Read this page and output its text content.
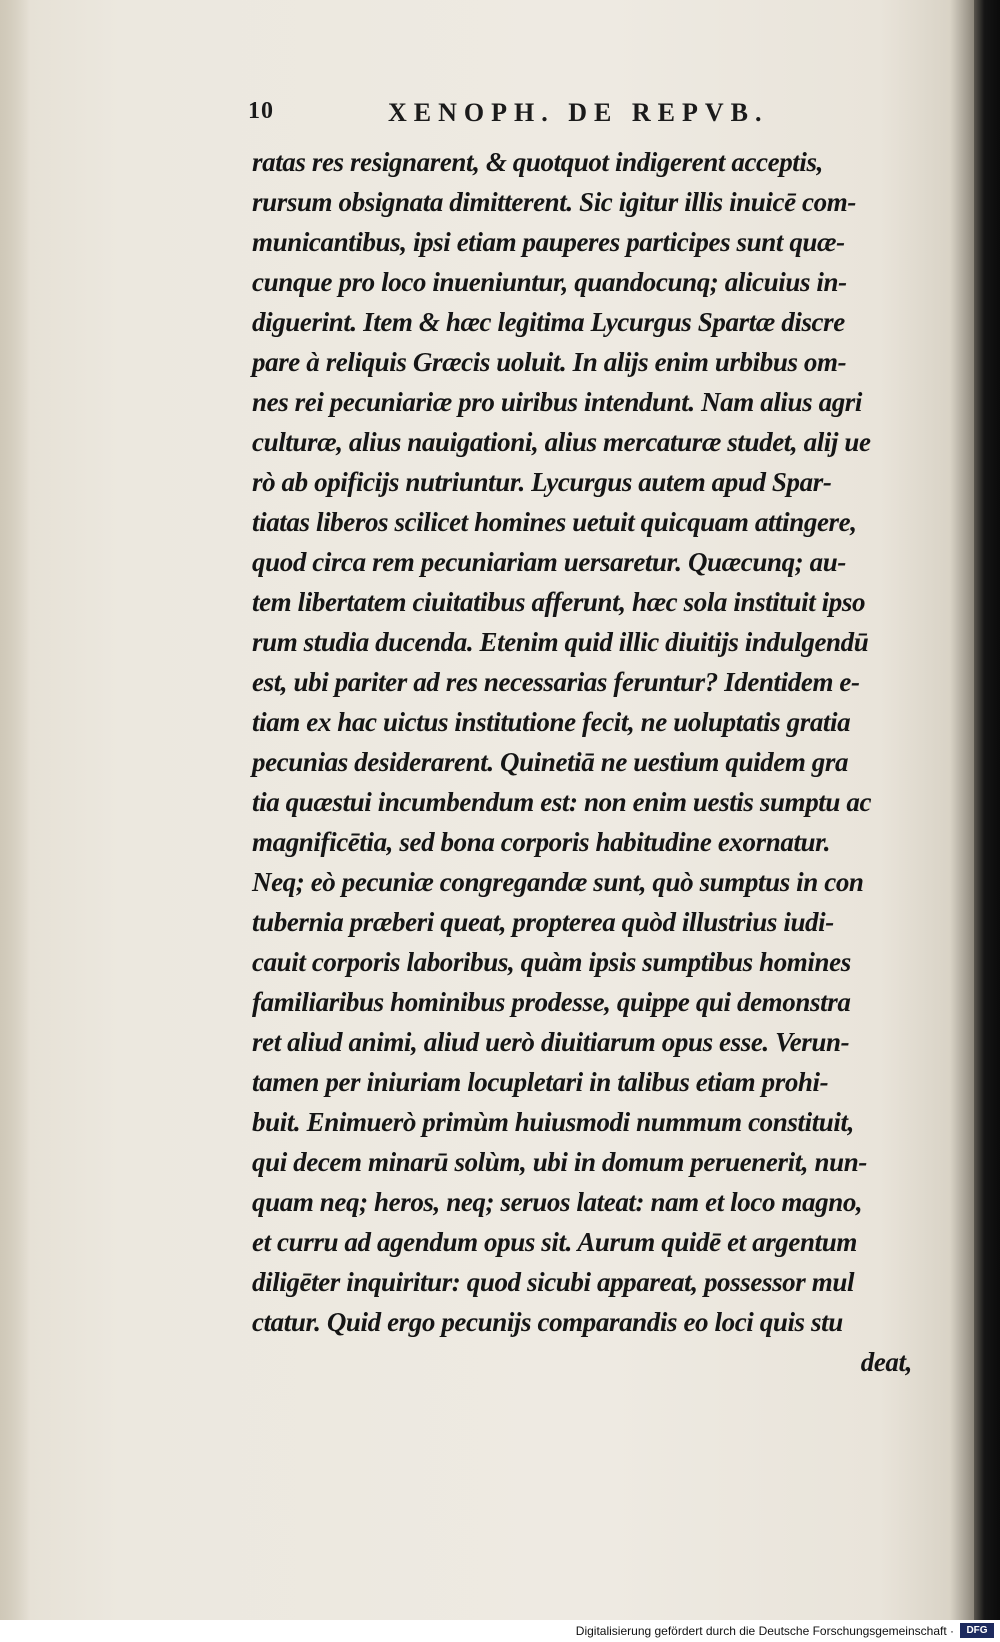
10	XENOPH. DE REPVB.
ratas res resignarent, & quotquot indigerent acceptis,
rursum obsignata dimitterent. Sic igitur illis inuicē com-
municantibus, ipsi etiam pauperes participes sunt quæ-
cunque pro loco inueniuntur, quandocunq; alicuius in-
diguerint. Item & hæc legitima Lycurgus Spartæ discre
pare à reliquis Græcis uoluit. In alijs enim urbibus om-
nes rei pecuniariæ pro uiribus intendunt. Nam alius agri
culturæ, alius nauigationi, alius mercaturæ studet, alij ue
rò ab opificijs nutriuntur. Lycurgus autem apud Spar-
tiatas liberos scilicet homines uetuit quicquam attingere,
quod circa rem pecuniariam uersaretur. Quæcunq; au-
tem libertatem ciuitatibus afferunt, hæc sola instituit ipso
rum studia ducenda. Etenim quid illic diuitijs indulgendū
est, ubi pariter ad res necessarias feruntur? Identidem e-
tiam ex hac uictus institutione fecit, ne uoluptatis gratia
pecunias desiderarent. Quinetiā ne uestium quidem gra
tia quæstui incumbendum est: non enim uestis sumptu ac
magnificētia, sed bona corporis habitudine exornatur.
Neq; eò pecuniæ congregandæ sunt, quò sumptus in con
tubernia præberi queat, propterea quòd illustrius iudi-
cauit corporis laboribus, quàm ipsis sumptibus homines
familiaribus hominibus prodesse, quippe qui demonstra
ret aliud animi, aliud uerò diuitiarum opus esse. Verun-
tamen per iniuriam locupletari in talibus etiam prohi-
buit. Enimuerò primùm huiusmodi nummum constituit,
qui decem minarū solùm, ubi in domum peruenerit, nun-
quam neq; heros, neq; seruos lateat: nam et loco magno,
et curru ad agendum opus sit. Aurum quidē et argentum
diligēter inquiritur: quod sicubi appareat, possessor mul
ctatur. Quid ergo pecunijs comparandis eo loci quis stu
deat,
Digitalisierung gefördert durch die Deutsche Forschungsgemeinschaft ·	DFG
